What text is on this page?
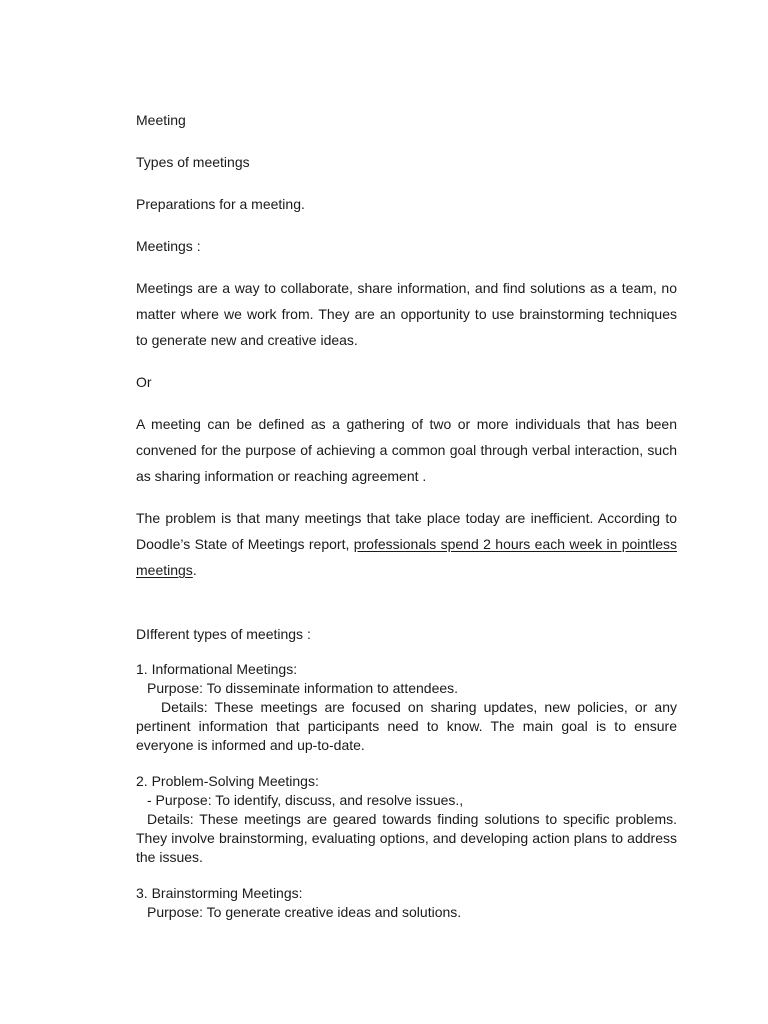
Meeting

Types of meetings

Preparations for a meeting.

Meetings :

Meetings are a way to collaborate, share information, and find solutions as a team, no matter where we work from. They are an opportunity to use brainstorming techniques to generate new and creative ideas.

Or

A meeting can be defined as a gathering of two or more individuals that has been convened for the purpose of achieving a common goal through verbal interaction, such as sharing information or reaching agreement .

The problem is that many meetings that take place today are inefficient. According to Doodle’s State of Meetings report, professionals spend 2 hours each week in pointless meetings.

DIfferent types of meetings :

1. Informational Meetings:

Purpose: To disseminate information to attendees.

Details: These meetings are focused on sharing updates, new policies, or any pertinent information that participants need to know. The main goal is to ensure everyone is informed and up-to-date.

2. Problem-Solving Meetings:

- Purpose: To identify, discuss, and resolve issues.,

Details: These meetings are geared towards finding solutions to specific problems. They involve brainstorming, evaluating options, and developing action plans to address the issues.

3. Brainstorming Meetings:

Purpose: To generate creative ideas and solutions.
